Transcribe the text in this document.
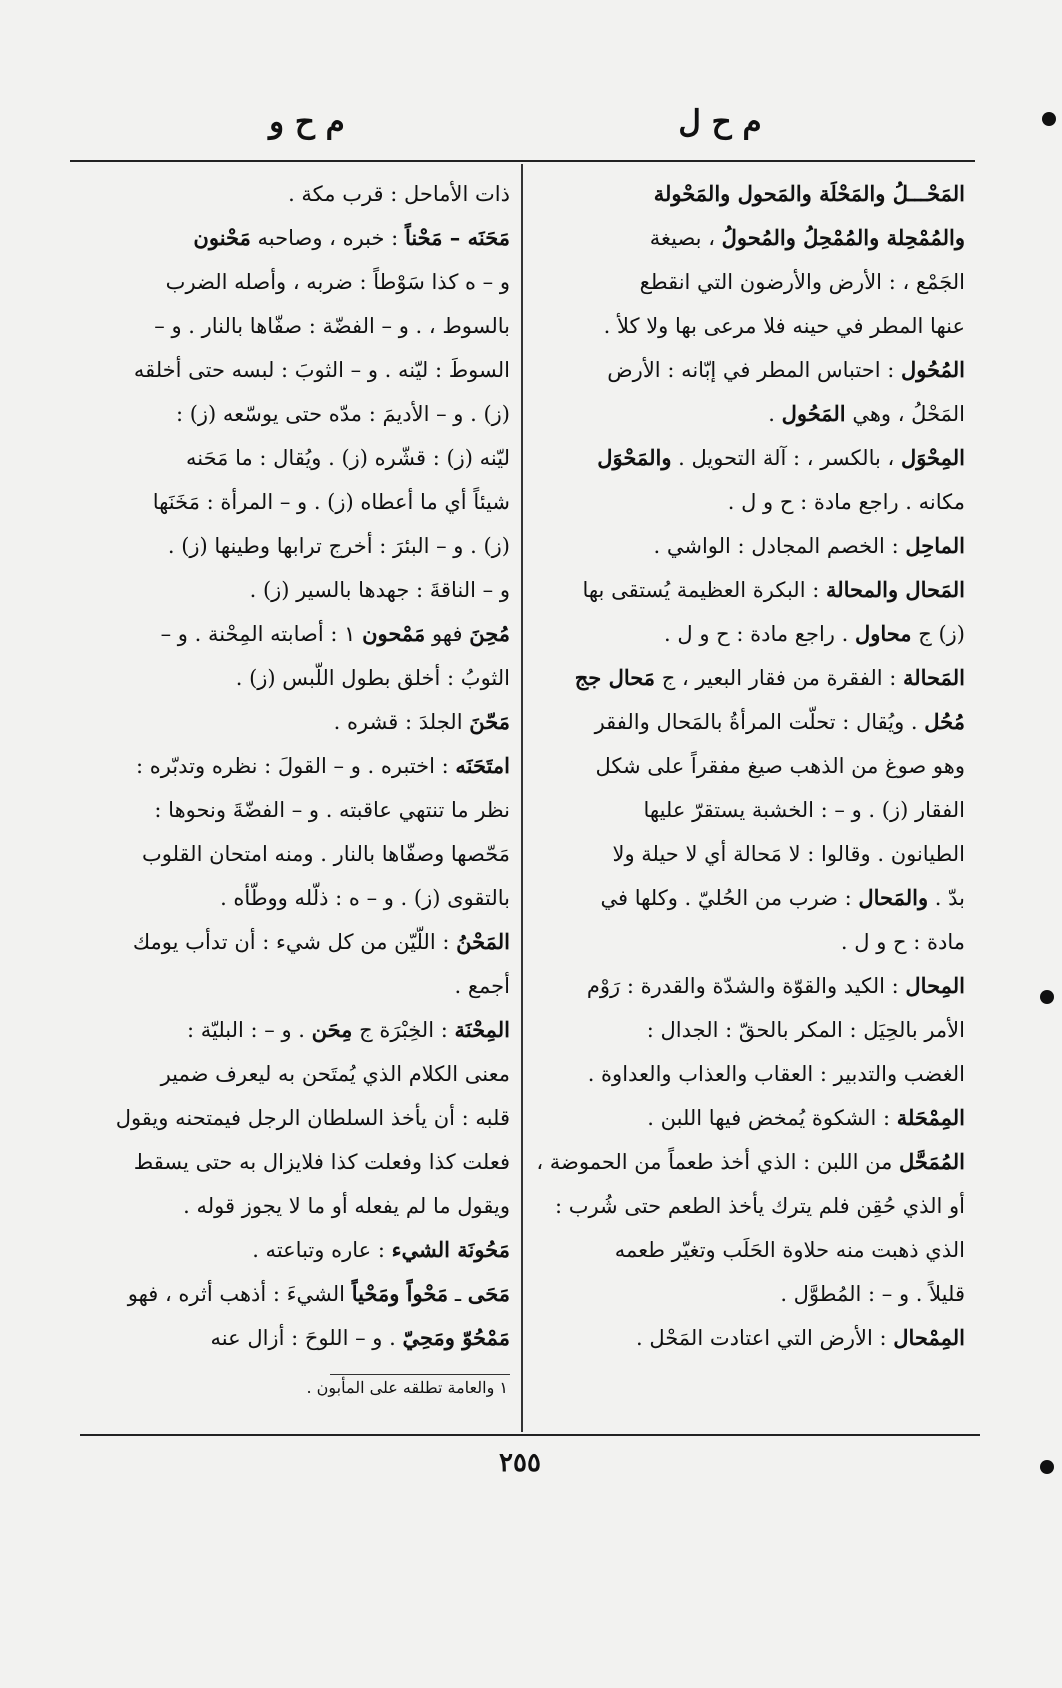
م ح ل
م ح و
المَحْـــلُ والمَحْلَة والمَحول والمَحْولة
والمُمْحِلة والمُمْحِلُ والمُحولُ ، بصيغة
الجَمْع ، : الأرض والأرضون التي انقطع
عنها المطر في حينه فلا مرعى بها ولا كلأ .
المُحُول : احتباس المطر في إبّانه : الأرض
المَحْلُ ، وهي المَحُول .
المِحْوَل ، بالكسر ، : آلة التحويل . والمَحْوَل
مكانه . راجع مادة : ح و ل .
الماحِل : الخصم المجادل : الواشي .
المَحال والمحالة : البكرة العظيمة يُستقى بها
(ز) ج محاول . راجع مادة : ح و ل .
المَحالة : الفقرة من فقار البعير ، ج مَحال جج
مُحُل . ويُقال : تحلّت المرأةُ بالمَحال والفقر
وهو صوغ من الذهب صيغ مفقراً على شكل
الفقار (ز) . و – : الخشبة يستقرّ عليها
الطيانون . وقالوا : لا مَحالة أي لا حيلة ولا
بدّ . والمَحال : ضرب من الحُليّ . وكلها في
مادة : ح و ل .
المِحال : الكيد والقوّة والشدّة والقدرة : رَوْم
الأمر بالحِيَل : المكر بالحقّ : الجدال :
الغضب والتدبير : العقاب والعذاب والعداوة .
المِمْحَلة : الشكوة يُمخض فيها اللبن .
المُمَحَّل من اللبن : الذي أخذ طعماً من الحموضة ،
أو الذي حُقِن فلم يترك يأخذ الطعم حتى شُرب :
الذي ذهبت منه حلاوة الحَلَب وتغيّر طعمه
قليلاً . و – : المُطوَّل .
المِمْحال : الأرض التي اعتادت المَحْل .
ذات الأماحل : قرب مكة .
مَحَنَه – مَحْناً : خبره ، وصاحبه مَحْنون
و – ه كذا سَوْطاً : ضربه ، وأصله الضرب
بالسوط ، . و – الفضّة : صفّاها بالنار . و –
السوطَ : ليّنه . و – الثوبَ : لبسه حتى أخلقه
(ز) . و – الأديمَ : مدّه حتى يوسّعه (ز) :
ليّنه (ز) : قشّره (ز) . ويُقال : ما مَحَنه
شيئاً أي ما أعطاه (ز) . و – المرأة : مَخَنَها
(ز) . و – البئرَ : أخرج ترابها وطينها (ز) .
و – الناقةَ : جهدها بالسير (ز) .
مُحِنَ فهو مَمْحون ١ : أصابته المِحْنة . و –
الثوبُ : أخلق بطول اللّبس (ز) .
مَحّنَ الجلدَ : قشره .
امتَحَنَه : اختبره . و – القولَ : نظره وتدبّره :
نظر ما تنتهي عاقبته . و – الفضّةَ ونحوها :
مَحّصها وصفّاها بالنار . ومنه امتحان القلوب
بالتقوى (ز) . و – ه : ذلّله ووطّأه .
المَحْنُ : اللّيّن من كل شيء : أن تدأب يومك
أجمع .
المِحْنَة : الخِبْرَة ج مِحَن . و – : البليّة :
معنى الكلام الذي يُمتَحن به ليعرف ضمير
قلبه : أن يأخذ السلطان الرجل فيمتحنه ويقول
فعلت كذا وفعلت كذا فلايزال به حتى يسقط
ويقول ما لم يفعله أو ما لا يجوز قوله .
مَحُونَة الشيء : عاره وتباعته .
مَحَى ـ مَحْواً ومَحْياً الشيءَ : أذهب أثره ، فهو
مَمْحُوّ ومَحِيّ . و – اللوحَ : أزال عنه
١ والعامة تطلقه على المأبون .
٢٥٥
